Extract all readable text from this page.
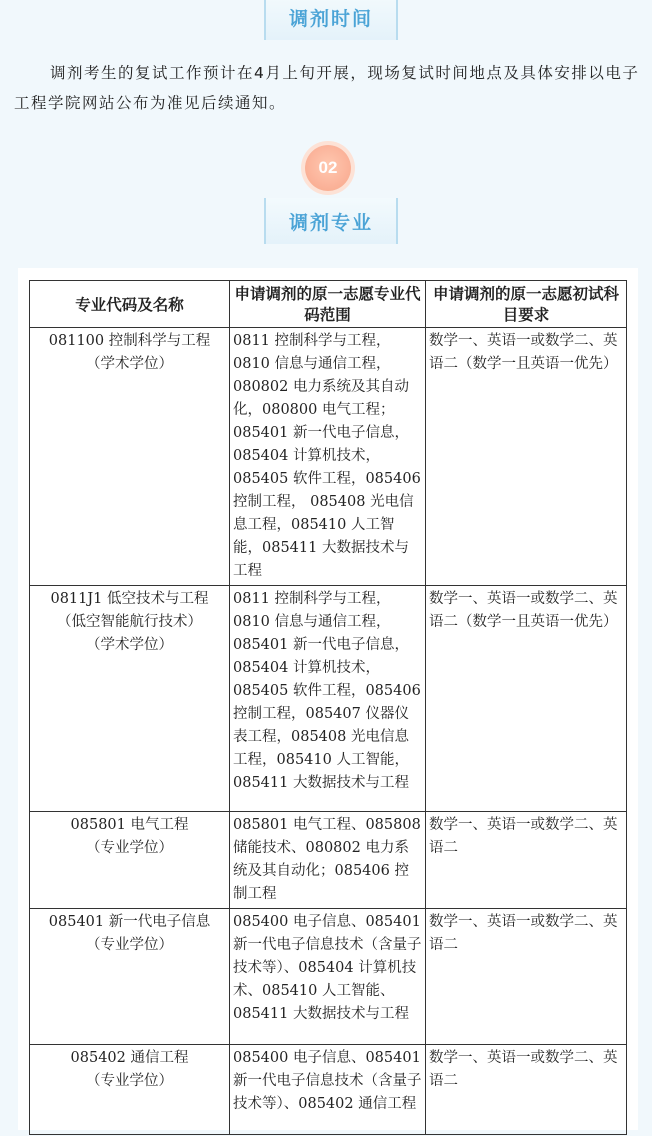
调剂时间

调剂考生的复试工作预计在4月上旬开展，现场复试时间地点及具体安排以电子工程学院网站公布为准见后续通知。

02
调剂专业
专业代码及名称	申请调剂的原一志愿专业代码范围	申请调剂的原一志愿初试科目要求

081100 控制科学与工程
（学术学位）	0811 控制科学与工程，0810 信息与通信工程，080802 电力系统及其自动化，080800 电气工程；085401 新一代电子信息，085404 计算机技术，085405 软件工程，085406 控制工程， 085408 光电信息工程，085410 人工智能，085411 大数据技术与工程	数学一、英语一或数学二、英语二（数学一且英语一优先）

0811J1 低空技术与工程
（低空智能航行技术）
（学术学位）	0811 控制科学与工程，0810 信息与通信工程，085401 新一代电子信息，085404 计算机技术，085405 软件工程，085406 控制工程，085407 仪器仪表工程，085408 光电信息工程，085410 人工智能，085411 大数据技术与工程	数学一、英语一或数学二、英语二（数学一且英语一优先）

085801 电气工程
（专业学位）	085801 电气工程、085808 储能技术、080802 电力系统及其自动化；085406 控制工程	数学一、英语一或数学二、英语二

085401 新一代电子信息
（专业学位）	085400 电子信息、085401 新一代电子信息技术（含量子技术等）、085404 计算机技术、085410 人工智能、085411 大数据技术与工程	数学一、英语一或数学二、英语二

085402 通信工程
（专业学位）	085400 电子信息、085401 新一代电子信息技术（含量子技术等）、085402 通信工程	数学一、英语一或数学二、英语二
